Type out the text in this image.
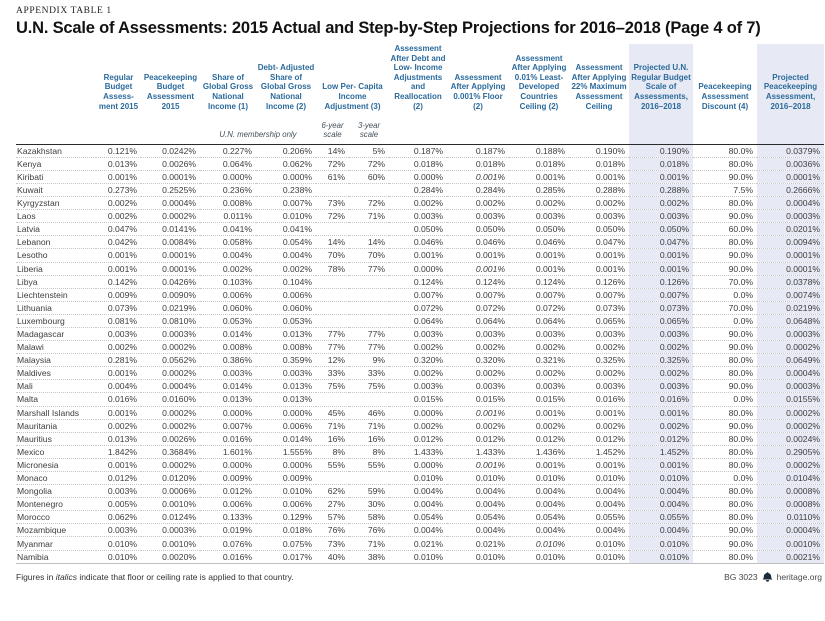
APPENDIX TABLE 1
U.N. Scale of Assessments: 2015 Actual and Step-by-Step Projections for 2016–2018 (Page 4 of 7)
	Regular Budget Assess- ment 2015	Peacekeeping Budget Assessment 2015	Share of Global Gross National Income (1)	Debt- Adjusted Share of Global Gross National Income (2)	Low Per- Capita Income Adjustment (3)		Assessment After Debt and Low- Income Adjustments and Reallocation (2)	Assessment After Applying 0.001% Floor (2)	Assessment After Applying 0.01% Least- Developed Countries Ceiling (2)	Assessment After Applying 22% Maximum Assessment Ceiling	Projected U.N. Regular Budget Scale of Assessments, 2016–2018	Peacekeeping Assessment Discount (4)	Projected Peacekeeping Assessment, 2016–2018
			U.N. membership only		6-year scale	3-year scale							
Kazakhstan	0.121%	0.0242%	0.227%	0.206%	14%	5%	0.187%	0.187%	0.188%	0.190%	0.190%	80.0%	0.0379%
Kenya	0.013%	0.0026%	0.064%	0.062%	72%	72%	0.018%	0.018%	0.018%	0.018%	0.018%	80.0%	0.0036%
Kiribati	0.001%	0.0001%	0.000%	0.000%	61%	60%	0.000%	0.001%	0.001%	0.001%	0.001%	90.0%	0.0001%
Kuwait	0.273%	0.2525%	0.236%	0.238%			0.284%	0.284%	0.285%	0.288%	0.288%	7.5%	0.2666%
Kyrgyzstan	0.002%	0.0004%	0.008%	0.007%	73%	72%	0.002%	0.002%	0.002%	0.002%	0.002%	80.0%	0.0004%
Laos	0.002%	0.0002%	0.011%	0.010%	72%	71%	0.003%	0.003%	0.003%	0.003%	0.003%	90.0%	0.0003%
Latvia	0.047%	0.0141%	0.041%	0.041%			0.050%	0.050%	0.050%	0.050%	0.050%	60.0%	0.0201%
Lebanon	0.042%	0.0084%	0.058%	0.054%	14%	14%	0.046%	0.046%	0.046%	0.047%	0.047%	80.0%	0.0094%
Lesotho	0.001%	0.0001%	0.004%	0.004%	70%	70%	0.001%	0.001%	0.001%	0.001%	0.001%	90.0%	0.0001%
Liberia	0.001%	0.0001%	0.002%	0.002%	78%	77%	0.000%	0.001%	0.001%	0.001%	0.001%	90.0%	0.0001%
Libya	0.142%	0.0426%	0.103%	0.104%			0.124%	0.124%	0.124%	0.126%	0.126%	70.0%	0.0378%
Liechtenstein	0.009%	0.0090%	0.006%	0.006%			0.007%	0.007%	0.007%	0.007%	0.007%	0.0%	0.0074%
Lithuania	0.073%	0.0219%	0.060%	0.060%			0.072%	0.072%	0.072%	0.073%	0.073%	70.0%	0.0219%
Luxembourg	0.081%	0.0810%	0.053%	0.053%			0.064%	0.064%	0.064%	0.065%	0.065%	0.0%	0.0648%
Madagascar	0.003%	0.0003%	0.014%	0.013%	77%	77%	0.003%	0.003%	0.003%	0.003%	0.003%	90.0%	0.0003%
Malawi	0.002%	0.0002%	0.008%	0.008%	77%	77%	0.002%	0.002%	0.002%	0.002%	0.002%	90.0%	0.0002%
Malaysia	0.281%	0.0562%	0.386%	0.359%	12%	9%	0.320%	0.320%	0.321%	0.325%	0.325%	80.0%	0.0649%
Maldives	0.001%	0.0002%	0.003%	0.003%	33%	33%	0.002%	0.002%	0.002%	0.002%	0.002%	80.0%	0.0004%
Mali	0.004%	0.0004%	0.014%	0.013%	75%	75%	0.003%	0.003%	0.003%	0.003%	0.003%	90.0%	0.0003%
Malta	0.016%	0.0160%	0.013%	0.013%			0.015%	0.015%	0.015%	0.016%	0.016%	0.0%	0.0155%
Marshall Islands	0.001%	0.0002%	0.000%	0.000%	45%	46%	0.000%	0.001%	0.001%	0.001%	0.001%	80.0%	0.0002%
Mauritania	0.002%	0.0002%	0.007%	0.006%	71%	71%	0.002%	0.002%	0.002%	0.002%	0.002%	90.0%	0.0002%
Mauritius	0.013%	0.0026%	0.016%	0.014%	16%	16%	0.012%	0.012%	0.012%	0.012%	0.012%	80.0%	0.0024%
Mexico	1.842%	0.3684%	1.601%	1.555%	8%	8%	1.433%	1.433%	1.436%	1.452%	1.452%	80.0%	0.2905%
Micronesia	0.001%	0.0002%	0.000%	0.000%	55%	55%	0.000%	0.001%	0.001%	0.001%	0.001%	80.0%	0.0002%
Monaco	0.012%	0.0120%	0.009%	0.009%			0.010%	0.010%	0.010%	0.010%	0.010%	0.0%	0.0104%
Mongolia	0.003%	0.0006%	0.012%	0.010%	62%	59%	0.004%	0.004%	0.004%	0.004%	0.004%	80.0%	0.0008%
Montenegro	0.005%	0.0010%	0.006%	0.006%	27%	30%	0.004%	0.004%	0.004%	0.004%	0.004%	80.0%	0.0008%
Morocco	0.062%	0.0124%	0.133%	0.129%	57%	58%	0.054%	0.054%	0.054%	0.055%	0.055%	80.0%	0.0110%
Mozambique	0.003%	0.0003%	0.019%	0.018%	76%	76%	0.004%	0.004%	0.004%	0.004%	0.004%	90.0%	0.0004%
Myanmar	0.010%	0.0010%	0.076%	0.075%	73%	71%	0.021%	0.021%	0.010%	0.010%	0.010%	90.0%	0.0010%
Namibia	0.010%	0.0020%	0.016%	0.017%	40%	38%	0.010%	0.010%	0.010%	0.010%	0.010%	80.0%	0.0021%
Figures in italics indicate that floor or ceiling rate is applied to that country.	BG 3023 heritage.org
